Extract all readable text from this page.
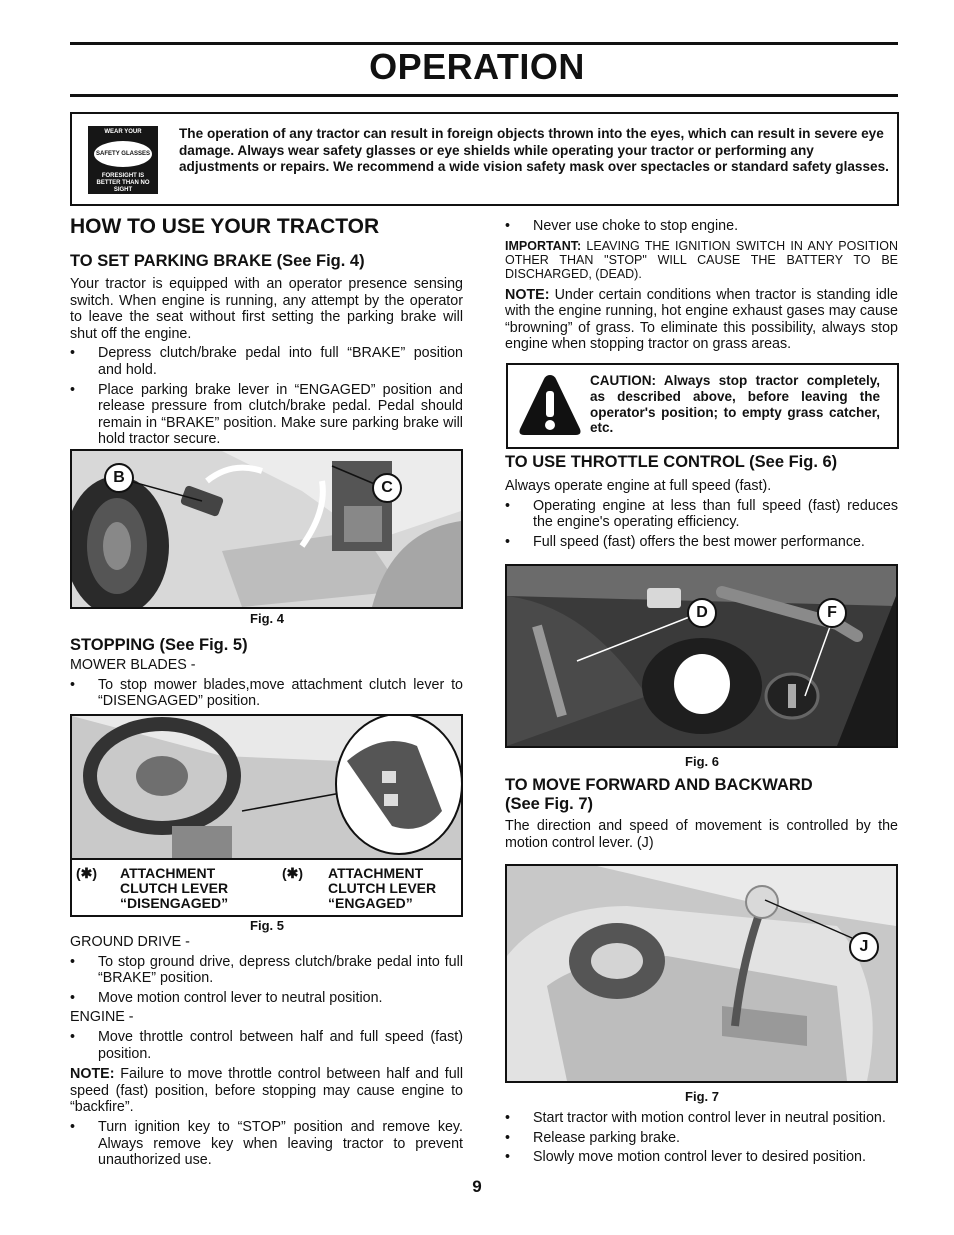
OPERATION
WEAR YOUR
SAFETY GLASSES
FORESIGHT IS BETTER THAN NO SIGHT
The operation of any tractor can result in foreign objects thrown into the eyes, which can result in severe eye damage. Always wear safety glasses or eye shields while operating your tractor or performing any adjustments or repairs. We recommend a wide vision safety mask over spectacles or standard safety glasses.
HOW TO USE YOUR TRACTOR
TO SET PARKING BRAKE (See Fig. 4)

Your tractor is equipped with an operator presence sensing switch. When engine is running, any attempt by the operator to leave the seat without first setting the parking brake will shut off the engine.

• Depress clutch/brake pedal into full “BRAKE” position and hold.
• Place parking brake lever in “ENGAGED” position and release pressure from clutch/brake pedal. Pedal should remain in “BRAKE” position. Make sure parking brake will hold tractor secure.
B
C
Fig. 4
STOPPING (See Fig. 5)

MOWER BLADES -

• To stop mower blades,move attachment clutch lever to “DISENGAGED” position.
(✱) ATTACHMENT
CLUTCH LEVER
“DISENGAGED”
(✱) ATTACHMENT
CLUTCH LEVER
“ENGAGED”
Fig. 5

GROUND DRIVE -

• To stop ground drive, depress clutch/brake pedal into full “BRAKE” position.
• Move motion control lever to neutral position.

ENGINE -

• Move throttle control between half and full speed (fast) position.

NOTE: Failure to move throttle control between half and full speed (fast) position, before stopping may cause engine to “backfire”.

• Turn ignition key to “STOP” position and remove key. Always remove key when leaving tractor to prevent unauthorized use.
• Never use choke to stop engine.

IMPORTANT: LEAVING THE IGNITION SWITCH IN ANY POSITION OTHER THAN "STOP" WILL CAUSE THE BATTERY TO BE DISCHARGED, (DEAD).

NOTE: Under certain conditions when tractor is standing idle with the engine running, hot engine exhaust gases may cause “browning” of grass. To eliminate this possibility, always stop engine when stopping tractor on grass areas.

CAUTION: Always stop tractor completely, as described above, before leaving the operator's position; to empty grass catcher, etc.
TO USE THROTTLE CONTROL (See Fig. 6)

Always operate engine at full speed (fast).

• Operating engine at less than full speed (fast) reduces the engine's operating efficiency.
• Full speed (fast) offers the best mower performance.
D	F
Fig. 6
TO MOVE FORWARD AND BACKWARD
(See Fig. 7)

The direction and speed of movement is controlled by the motion control lever. (J)

J
Fig. 7
• Start tractor with motion control lever in neutral position.
• Release parking brake.
• Slowly move motion control lever to desired position.
9
